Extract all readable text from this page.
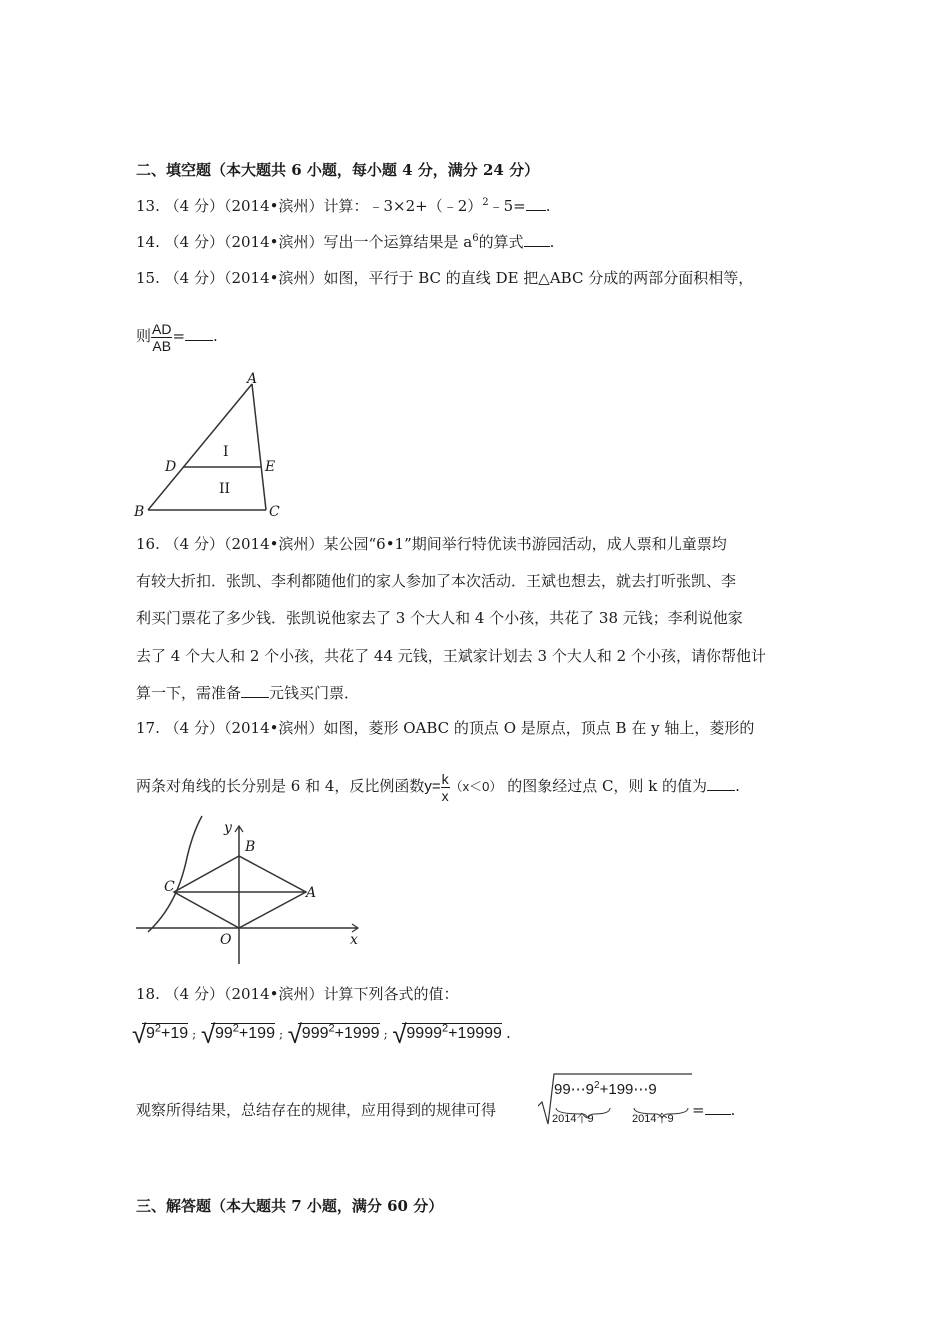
二、填空题（本大题共 6 小题，每小题 4 分，满分 24 分）
13. （4 分）（2014•滨州）计算：﹣3×2+（﹣2）$^2$﹣5= .
14. （4 分）（2014•滨州）写出一个运算结果是 $a^6$的算式 .
15. （4 分）（2014•滨州）如图，平行于 BC 的直线 DE 把△ABC 分成的两部分面积相等，
则 $\frac{AD}{AB}$ = .
A
B	C
D	E
I
II
16. （4 分）（2014•滨州）某公园“6•1”期间举行特优读书游园活动，成人票和儿童票均
有较大折扣．张凯、李利都随他们的家人参加了本次活动．王斌也想去，就去打听张凯、李
利买门票花了多少钱．张凯说他家去了 3 个大人和 4 个小孩，共花了 38 元钱；李利说他家
去了 4 个大人和 2 个小孩，共花了 44 元钱，王斌家计划去 3 个大人和 2 个小孩，请你帮他计
算一下，需准备 元钱买门票．
17. （4 分）（2014•滨州）如图，菱形 OABC 的顶点 O 是原点，顶点 B 在 y 轴上，菱形的
两条对角线的长分别是 6 和 4，反比例函数$y= \frac{k}{x} (x<0)$ 的图象经过点 C，则 k 的值为 .
y
x
B
C	A
O
18. （4 分）（2014•滨州）计算下列各式的值：
√ $9^2+19$ ; √ $99^2+199$ ; √ $999^2+1999$ ; √ $9999^2+19999$ .
观察所得结果，总结存在的规律，应用得到的规律可得
$99\cdots 9^2+199\cdots 9$
2014个9	2014个9 = .
三、解答题（本大题共 7 小题，满分 60 分）
